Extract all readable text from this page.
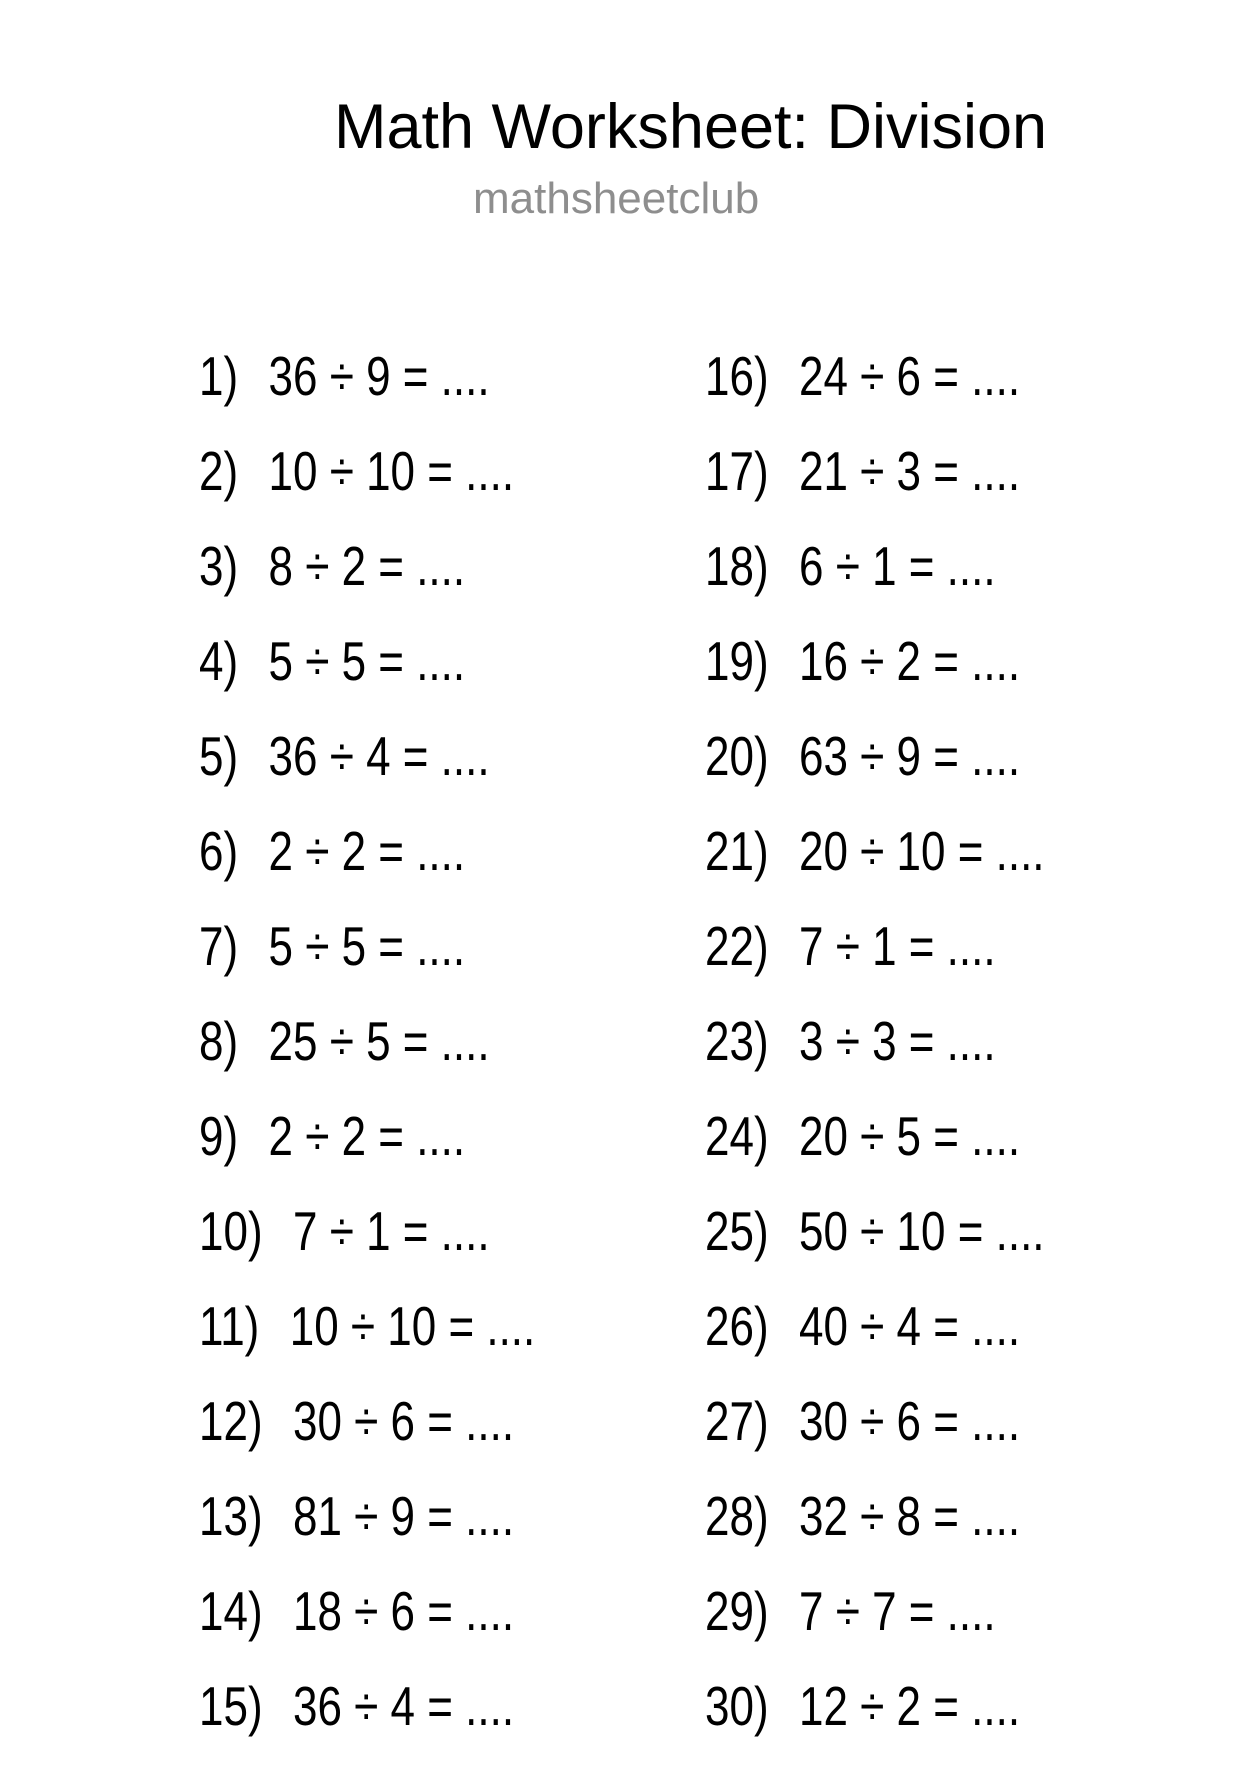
Math Worksheet: Division
mathsheetclub
1) 36 ÷ 9 = ....
2) 10 ÷ 10 = ....
3) 8 ÷ 2 = ....
4) 5 ÷ 5 = ....
5) 36 ÷ 4 = ....
6) 2 ÷ 2 = ....
7) 5 ÷ 5 = ....
8) 25 ÷ 5 = ....
9) 2 ÷ 2 = ....
10) 7 ÷ 1 = ....
11) 10 ÷ 10 = ....
12) 30 ÷ 6 = ....
13) 81 ÷ 9 = ....
14) 18 ÷ 6 = ....
15) 36 ÷ 4 = ....
16) 24 ÷ 6 = ....
17) 21 ÷ 3 = ....
18) 6 ÷ 1 = ....
19) 16 ÷ 2 = ....
20) 63 ÷ 9 = ....
21) 20 ÷ 10 = ....
22) 7 ÷ 1 = ....
23) 3 ÷ 3 = ....
24) 20 ÷ 5 = ....
25) 50 ÷ 10 = ....
26) 40 ÷ 4 = ....
27) 30 ÷ 6 = ....
28) 32 ÷ 8 = ....
29) 7 ÷ 7 = ....
30) 12 ÷ 2 = ....
